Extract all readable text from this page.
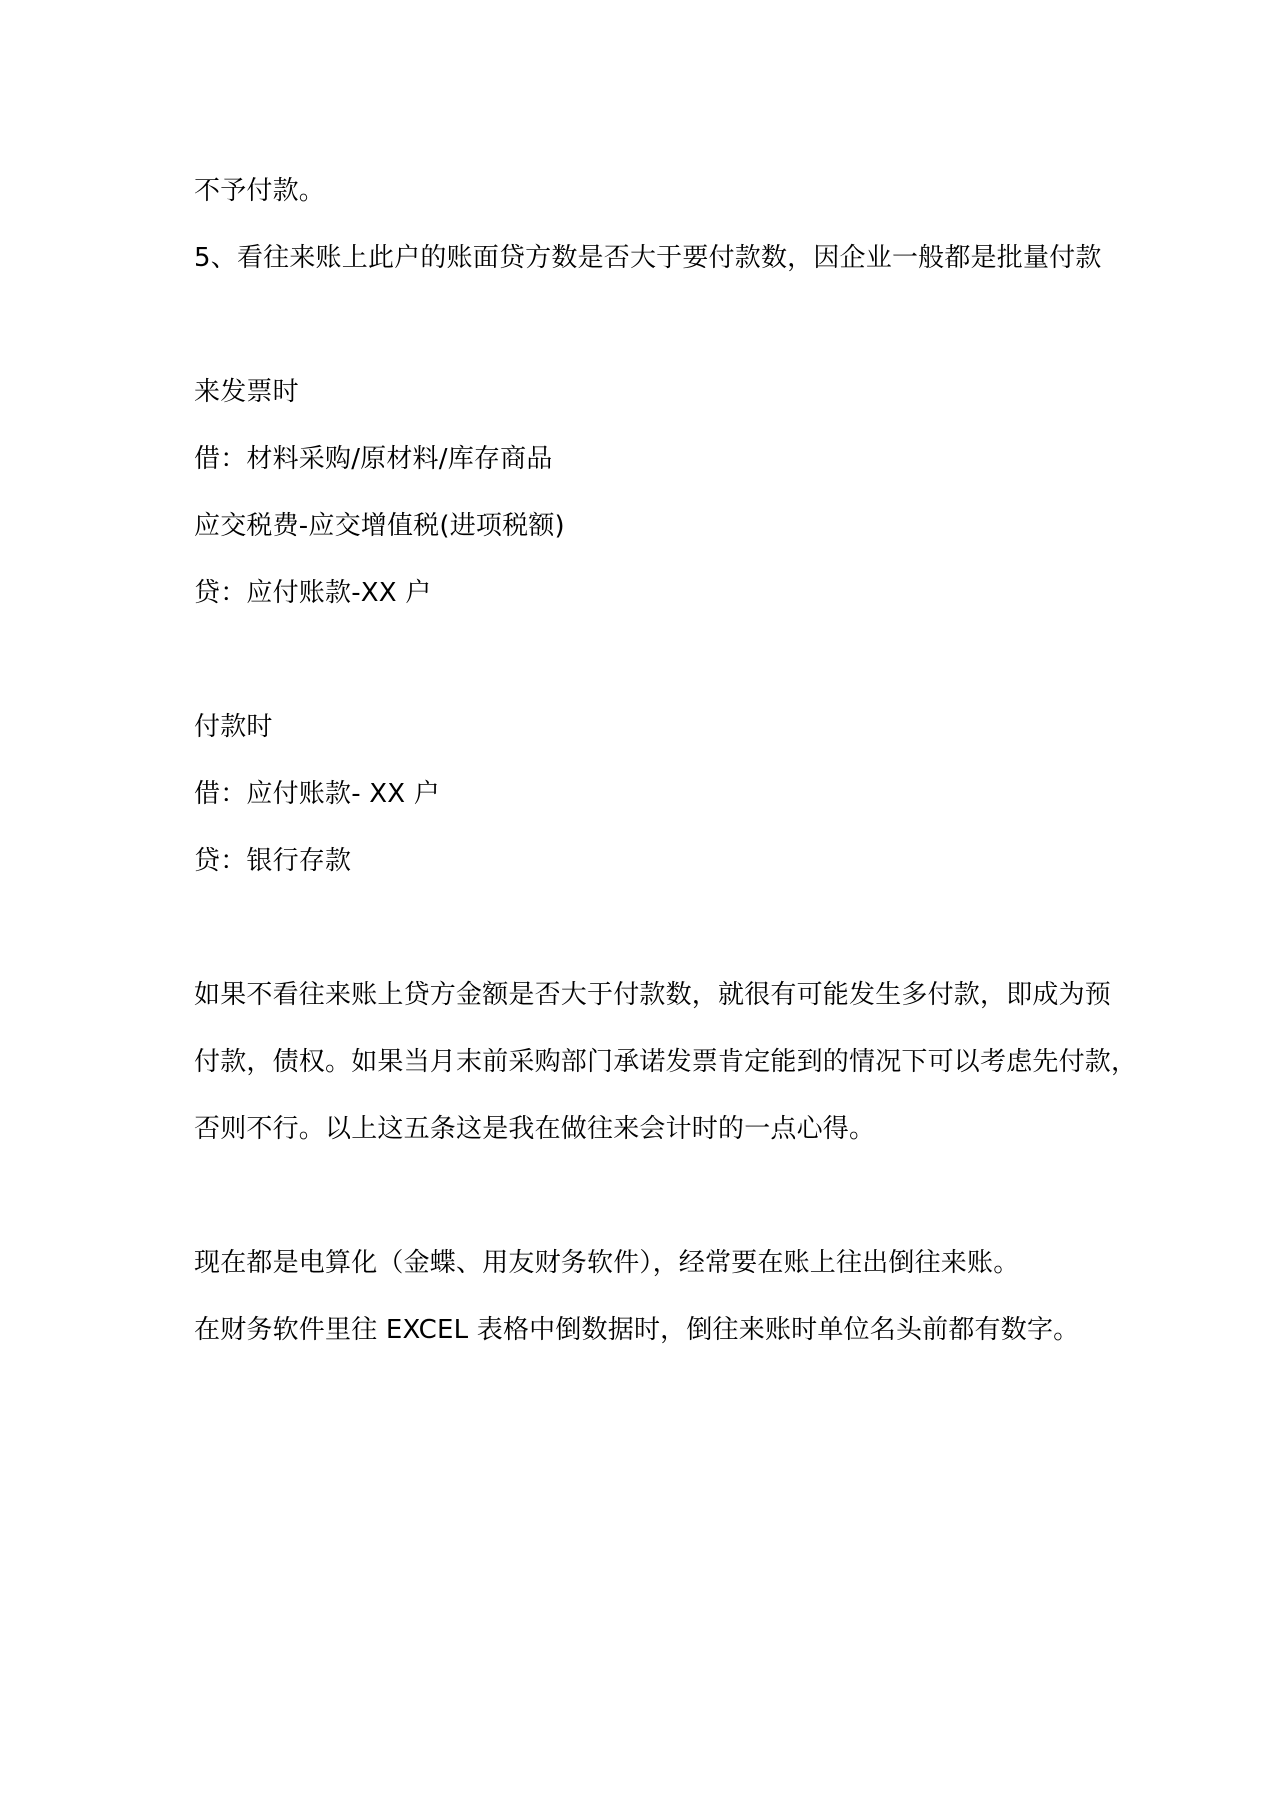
不予付款。

5、看往来账上此户的账面贷方数是否大于要付款数，因企业一般都是批量付款

来发票时

借：材料采购/原材料/库存商品

应交税费-应交增值税(进项税额)

贷：应付账款-XX 户

付款时

借：应付账款- XX 户

贷：银行存款

如果不看往来账上贷方金额是否大于付款数，就很有可能发生多付款，即成为预

付款，债权。如果当月末前采购部门承诺发票肯定能到的情况下可以考虑先付款，

否则不行。以上这五条这是我在做往来会计时的一点心得。

现在都是电算化（金蝶、用友财务软件），经常要在账上往出倒往来账。

在财务软件里往 EXCEL 表格中倒数据时，倒往来账时单位名头前都有数字。
